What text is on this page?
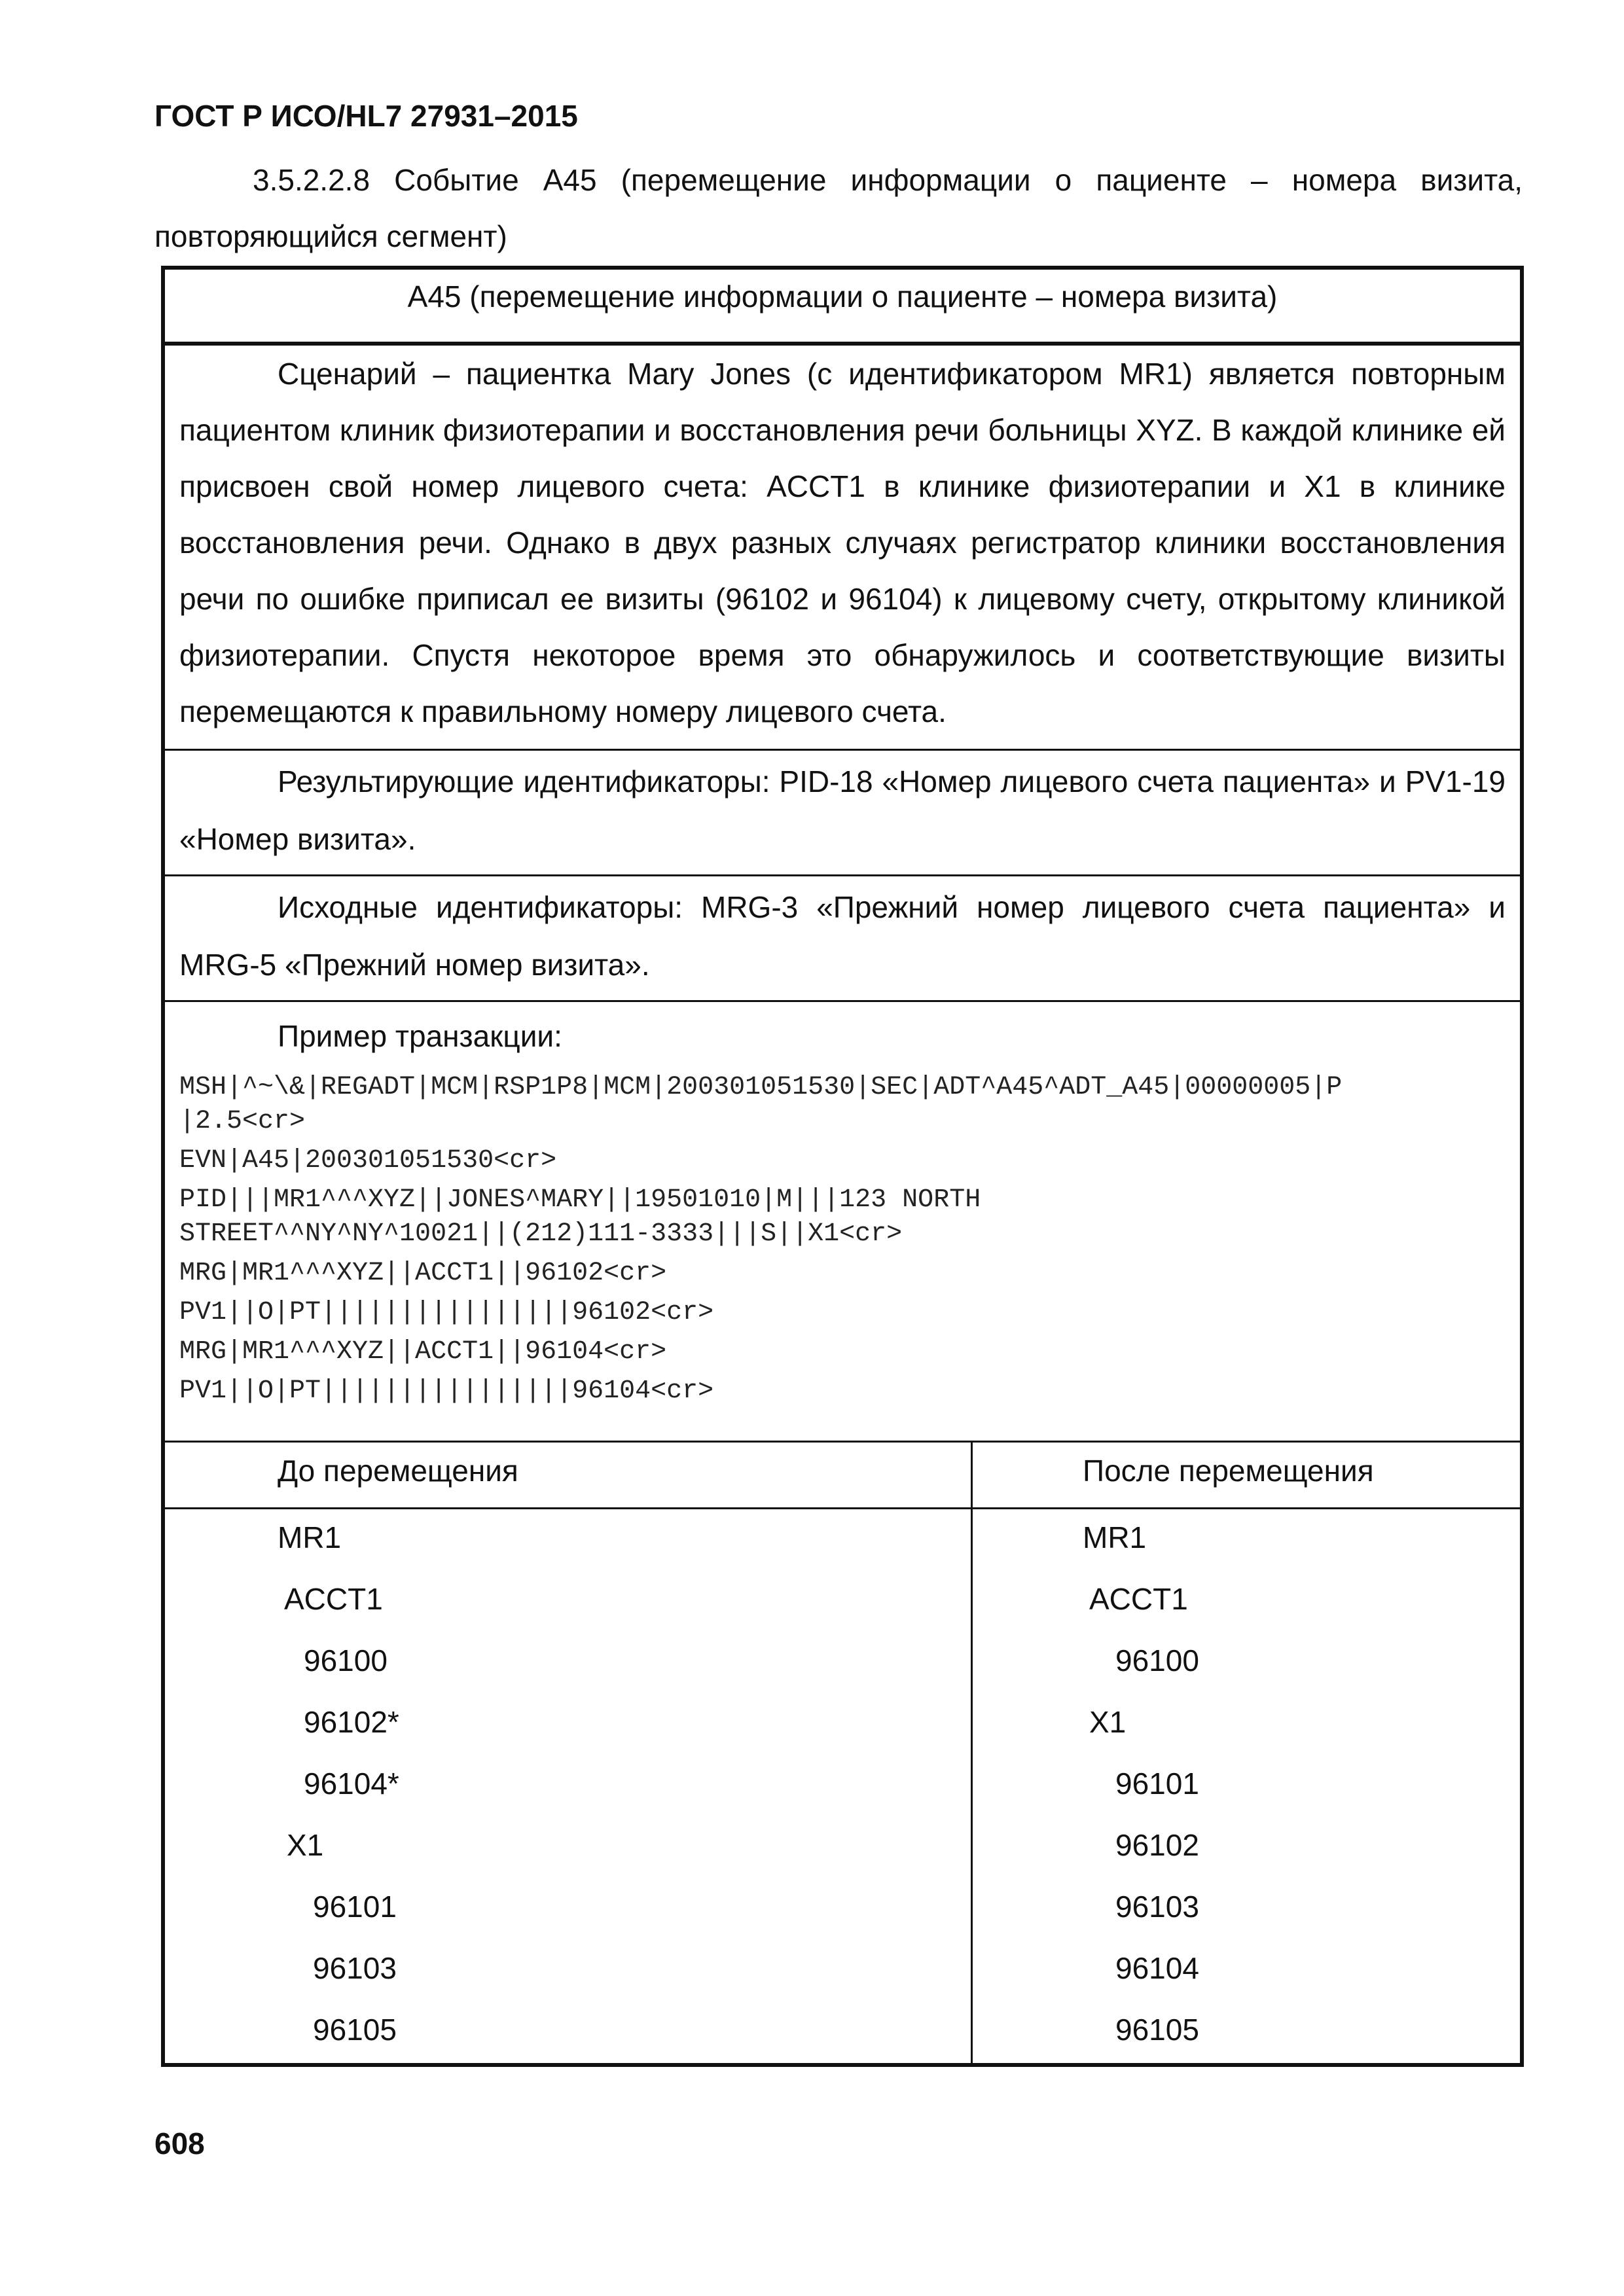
ГОСТ Р ИСО/HL7 27931–2015
3.5.2.2.8 Событие А45 (перемещение информации о пациенте – номера визита, повторяющийся сегмент)
А45 (перемещение информации о пациенте – номера визита)
Сценарий – пациентка Mary Jones (с идентификатором MR1) является повторным пациентом клиник физиотерапии и восстановления речи больницы XYZ. В каждой клинике ей присвоен свой номер лицевого счета: ACCT1 в клинике физиотерапии и Х1 в клинике восстановления речи. Однако в двух разных случаях регистратор клиники восстановления речи по ошибке приписал ее визиты (96102 и 96104) к лицевому счету, открытому клиникой физиотерапии. Спустя некоторое время это обнаружилось и соответствующие визиты перемещаются к правильному номеру лицевого счета.
Результирующие идентификаторы: PID-18 «Номер лицевого счета пациента» и PV1-19 «Номер визита».
Исходные идентификаторы: MRG-3 «Прежний номер лицевого счета пациента» и MRG-5 «Прежний номер визита».
Пример транзакции:
MSH|^~\&|REGADT|MCM|RSP1P8|MCM|200301051530|SEC|ADT^A45^ADT_A45|00000005|P
|2.5<cr>
EVN|A45|200301051530<cr>
PID|||MR1^^^XYZ||JONES^MARY||19501010|M|||123 NORTH
STREET^^NY^NY^10021||(212)111-3333|||S||X1<cr>
MRG|MR1^^^XYZ||ACCT1||96102<cr>
PV1||O|PT||||||||||||||||96102<cr>
MRG|MR1^^^XYZ||ACCT1||96104<cr>
PV1||O|PT||||||||||||||||96104<cr>
До перемещения	После перемещения
MR1
ACCT1
96100
96102*
96104*
X1
96101
96103
96105
MR1
ACCT1
96100
X1
96101
96102
96103
96104
96105
608
